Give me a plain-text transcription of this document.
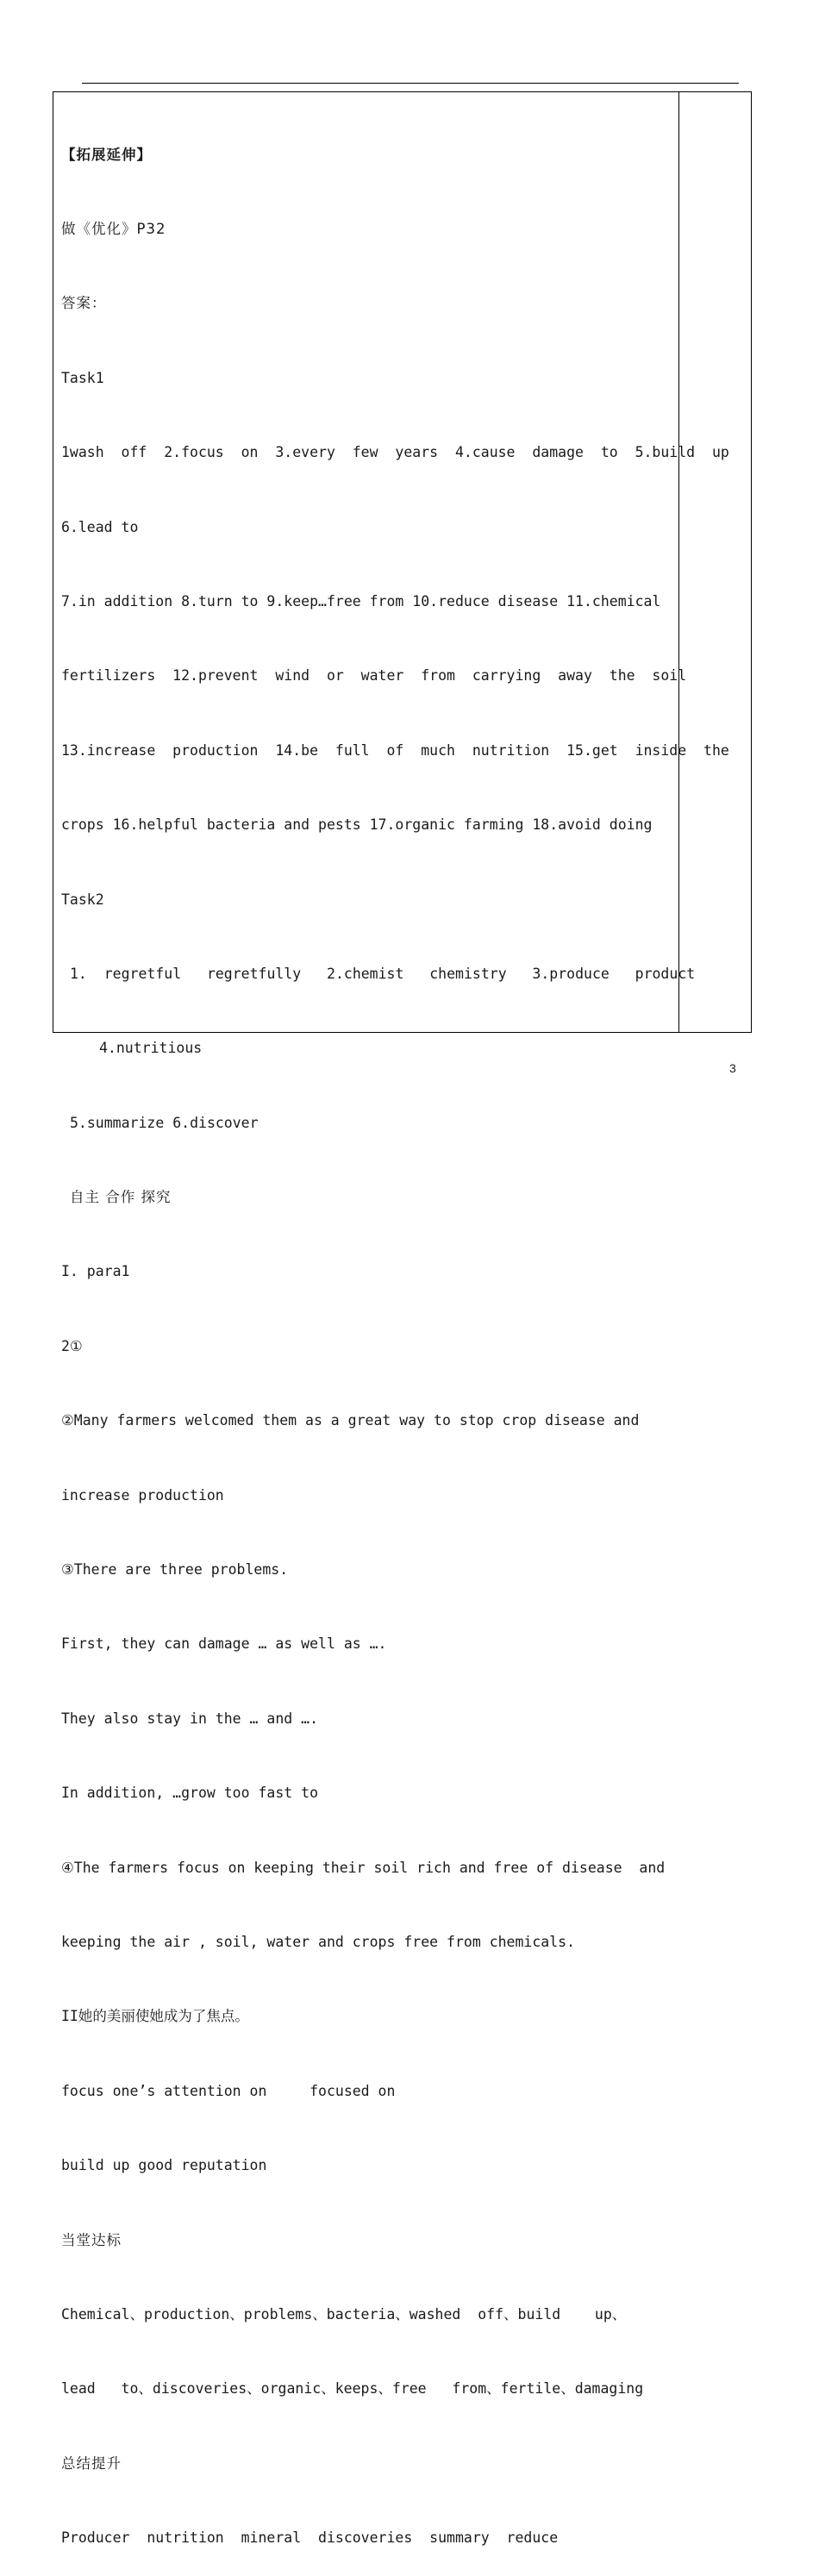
【拓展延伸】

做《优化》P32

答案：

Task1

1wash  off  2.focus  on  3.every  few  years  4.cause  damage  to  5.build  up

6.lead to

7.in addition 8.turn to 9.keep…free from 10.reduce disease 11.chemical

fertilizers  12.prevent  wind  or  water  from  carrying  away  the  soil

13.increase  production  14.be  full  of  much  nutrition  15.get  inside  the

crops 16.helpful bacteria and pests 17.organic farming 18.avoid doing

Task2

1.  regretful   regretfully   2.chemist   chemistry   3.produce   product

4.nutritious

5.summarize 6.discover

自主 合作 探究

I. para1

2①

②Many farmers welcomed them as a great way to stop crop disease and

increase production

③There are three problems.

First, they can damage … as well as ….

They also stay in the … and ….

In addition, …grow too fast to

④The farmers focus on keeping their soil rich and free of disease  and

keeping the air , soil, water and crops free from chemicals.

II她的美丽使她成为了焦点。

focus one’s attention on     focused on

build up good reputation

当堂达标

Chemical、production、problems、bacteria、washed  off、build    up、

lead   to、discoveries、organic、keeps、free   from、fertile、damaging

总结提升

Producer  nutrition  mineral  discoveries  summary  reduce

3
